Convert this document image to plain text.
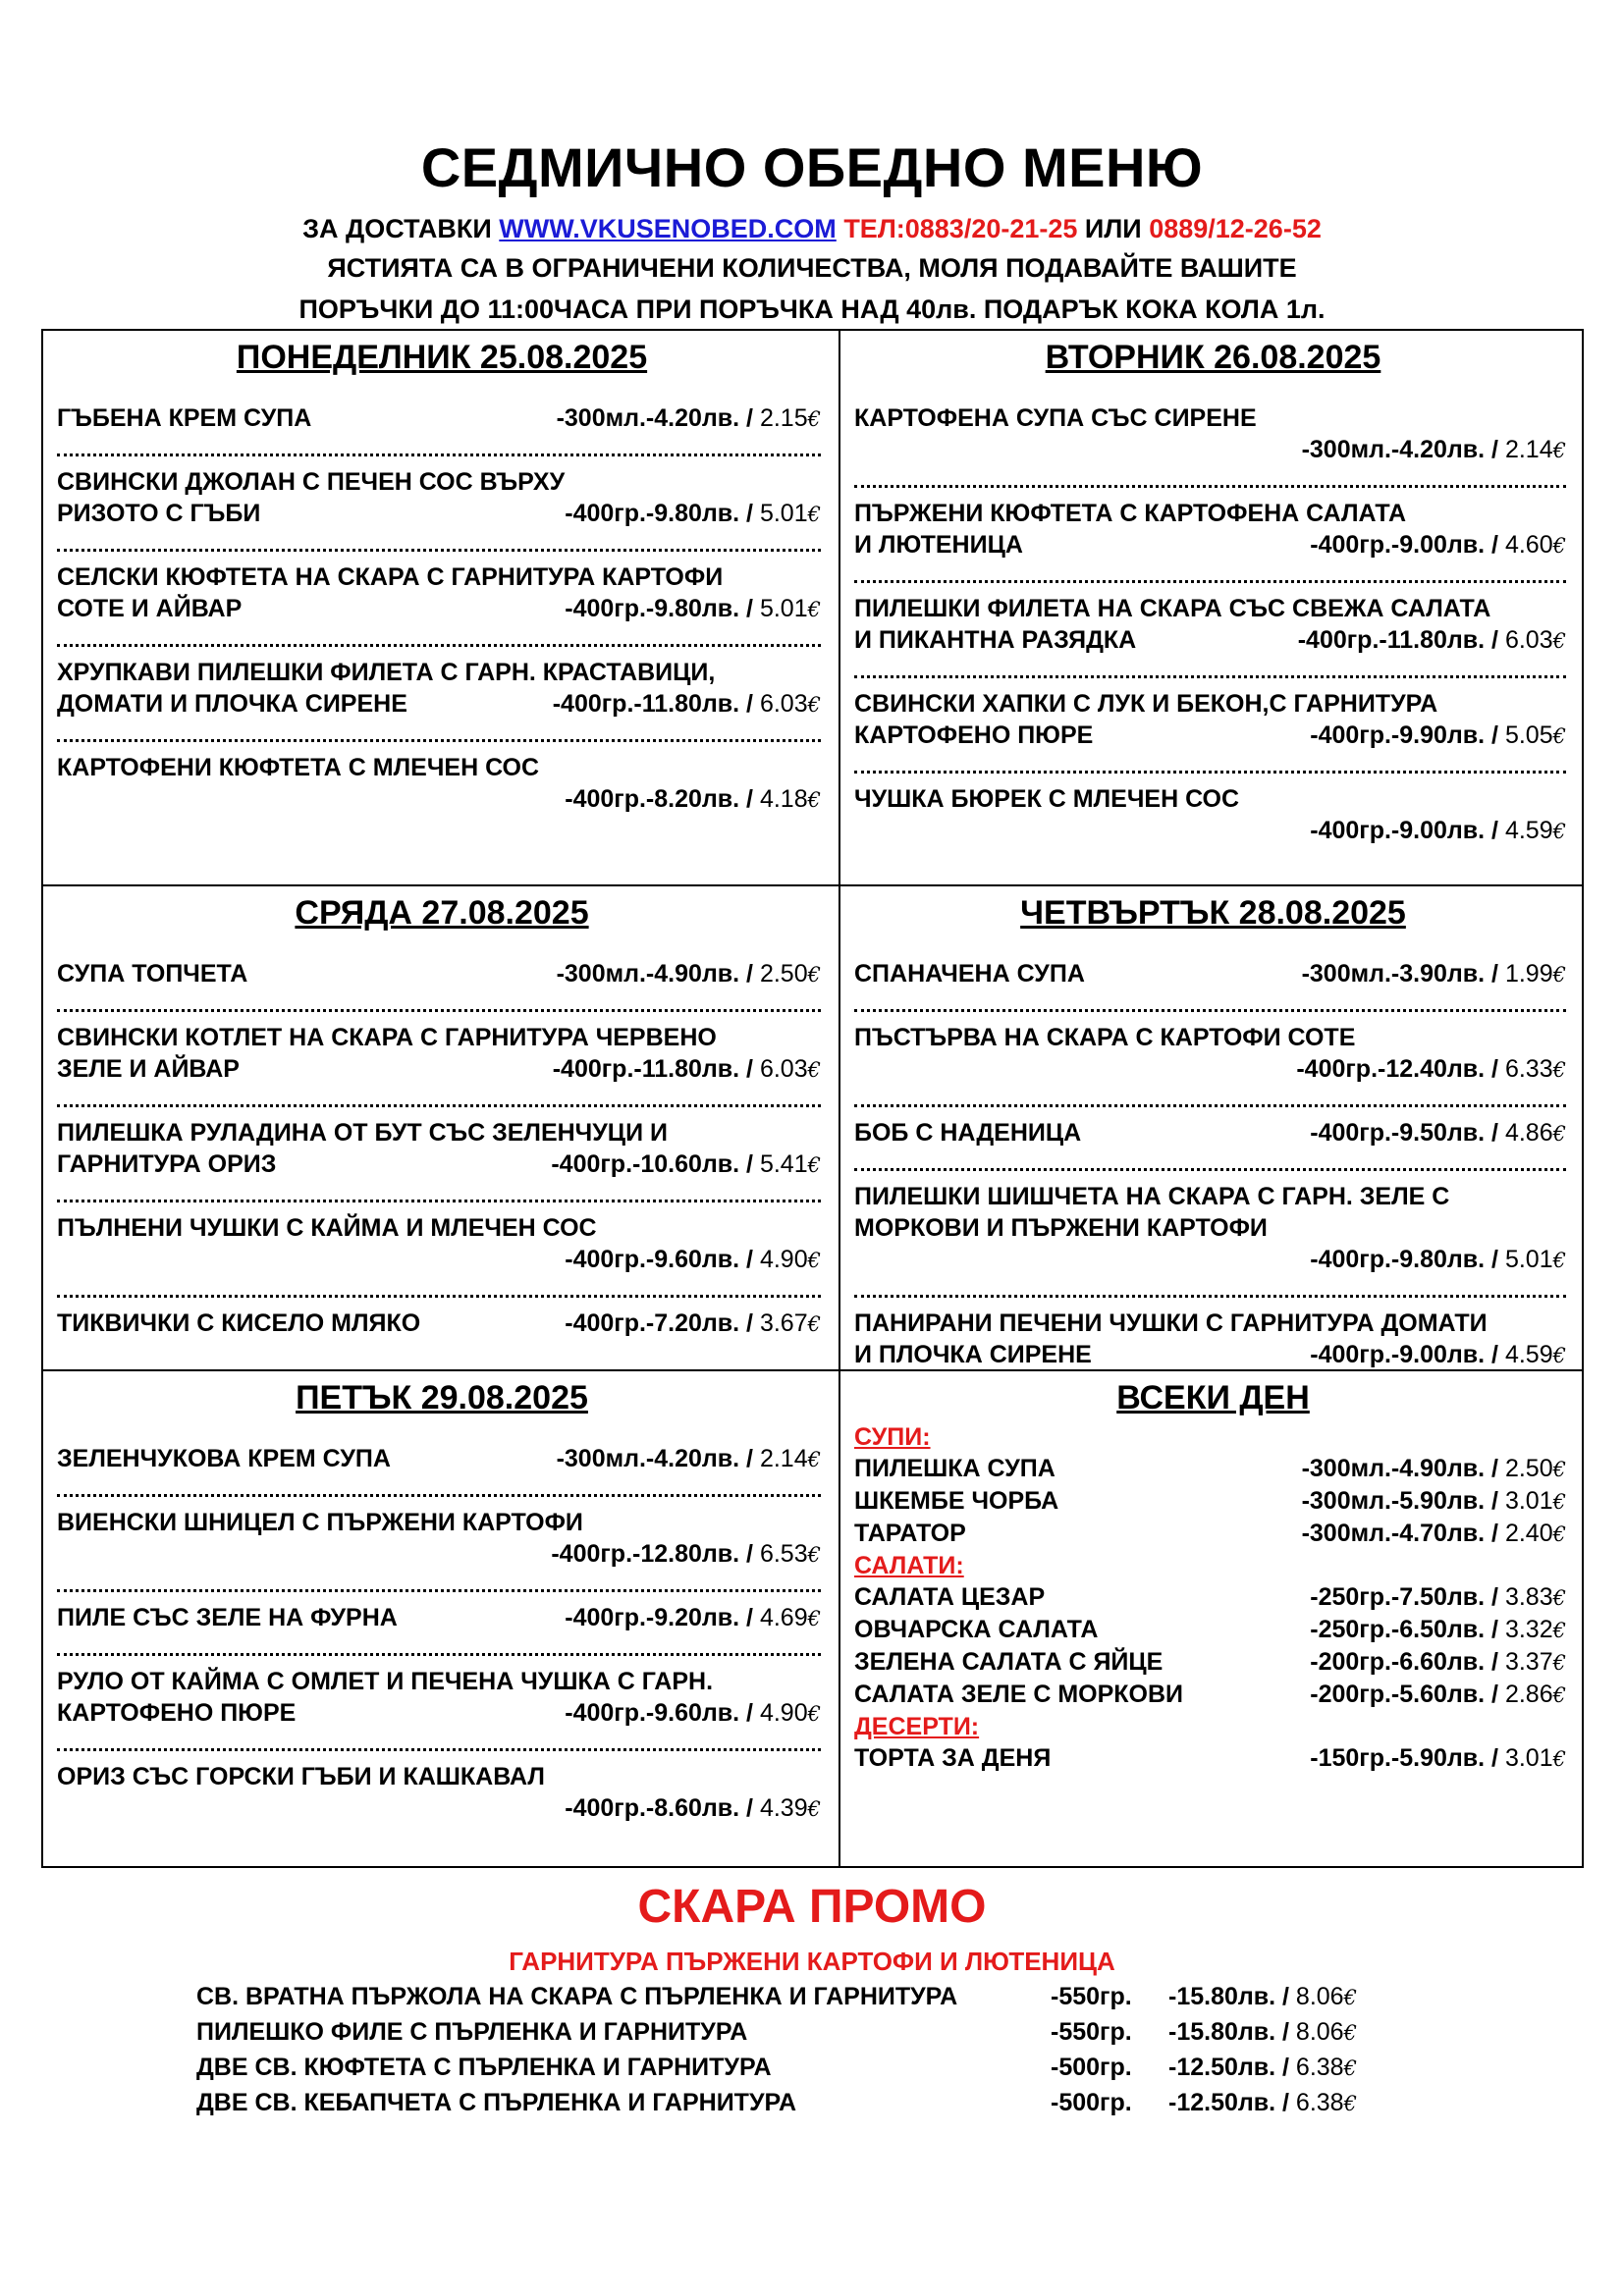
СЕДМИЧНО ОБЕДНО МЕНЮ
ЗА ДОСТАВКИ WWW.VKUSENOBED.COM ТЕЛ:0883/20-21-25 ИЛИ 0889/12-26-52
ЯСТИЯТА СА В ОГРАНИЧЕНИ КОЛИЧЕСТВА, МОЛЯ ПОДАВАЙТЕ ВАШИТЕ
ПОРЪЧКИ ДО 11:00ЧАСА ПРИ ПОРЪЧКА НАД 40лв. ПОДАРЪК КОКА КОЛА 1л.
ПОНЕДЕЛНИК 25.08.2025
ГЪБЕНА КРЕМ СУПА	-300мл.-4.20лв. / 2.15€
СВИНСКИ ДЖОЛАН С ПЕЧЕН СОС ВЪРХУ
РИЗОТО С ГЪБИ	-400гр.-9.80лв. / 5.01€
СЕЛСКИ КЮФТЕТА НА СКАРА С ГАРНИТУРА КАРТОФИ
СОТЕ И АЙВАР	-400гр.-9.80лв. / 5.01€
ХРУПКАВИ ПИЛЕШКИ ФИЛЕТА С ГАРН. КРАСТАВИЦИ,
ДОМАТИ И ПЛОЧКА СИРЕНЕ	-400гр.-11.80лв. / 6.03€
КАРТОФЕНИ КЮФТЕТА С МЛЕЧЕН СОС
-400гр.-8.20лв. / 4.18€
ВТОРНИК 26.08.2025
КАРТОФЕНА СУПА СЪС СИРЕНЕ
-300мл.-4.20лв. / 2.14€
ПЪРЖЕНИ КЮФТЕТА С КАРТОФЕНА САЛАТА
И ЛЮТЕНИЦА	-400гр.-9.00лв. / 4.60€
ПИЛЕШКИ ФИЛЕТА НА СКАРА СЪС СВЕЖА САЛАТА
И ПИКАНТНА РАЗЯДКА	-400гр.-11.80лв. / 6.03€
СВИНСКИ ХАПКИ С ЛУК И БЕКОН,С ГАРНИТУРА
КАРТОФЕНО ПЮРЕ	-400гр.-9.90лв. / 5.05€
ЧУШКА БЮРЕК С МЛЕЧЕН СОС
-400гр.-9.00лв. / 4.59€
СРЯДА 27.08.2025
СУПА ТОПЧЕТА	-300мл.-4.90лв. / 2.50€
СВИНСКИ КОТЛЕТ НА СКАРА С ГАРНИТУРА ЧЕРВЕНО
ЗЕЛЕ И АЙВАР	-400гр.-11.80лв. / 6.03€
ПИЛЕШКА РУЛАДИНА ОТ БУТ СЪС ЗЕЛЕНЧУЦИ И
ГАРНИТУРА ОРИЗ	-400гр.-10.60лв. / 5.41€
ПЪЛНЕНИ ЧУШКИ С КАЙМА И МЛЕЧЕН СОС
-400гр.-9.60лв. / 4.90€
ТИКВИЧКИ С КИСЕЛО МЛЯКО	-400гр.-7.20лв. / 3.67€
ЧЕТВЪРТЪК 28.08.2025
СПАНАЧЕНА СУПА	-300мл.-3.90лв. / 1.99€
ПЪСТЪРВА НА СКАРА С КАРТОФИ СОТЕ
-400гр.-12.40лв. / 6.33€
БОБ С НАДЕНИЦА	-400гр.-9.50лв. / 4.86€
ПИЛЕШКИ ШИШЧЕТА НА СКАРА С ГАРН. ЗЕЛЕ С
МОРКОВИ И ПЪРЖЕНИ КАРТОФИ
-400гр.-9.80лв. / 5.01€
ПАНИРАНИ ПЕЧЕНИ ЧУШКИ С ГАРНИТУРА ДОМАТИ
И ПЛОЧКА СИРЕНЕ	-400гр.-9.00лв. / 4.59€
ПЕТЪК 29.08.2025
ЗЕЛЕНЧУКОВА КРЕМ СУПА	-300мл.-4.20лв. / 2.14€
ВИЕНСКИ ШНИЦЕЛ С ПЪРЖЕНИ КАРТОФИ
-400гр.-12.80лв. / 6.53€
ПИЛЕ СЪС ЗЕЛЕ НА ФУРНА	-400гр.-9.20лв. / 4.69€
РУЛО ОТ КАЙМА С ОМЛЕТ И ПЕЧЕНА ЧУШКА С ГАРН.
КАРТОФЕНО ПЮРЕ	-400гр.-9.60лв. / 4.90€
ОРИЗ СЪС ГОРСКИ ГЪБИ И КАШКАВАЛ
-400гр.-8.60лв. / 4.39€
ВСЕКИ ДЕН
СУПИ:
ПИЛЕШКА СУПА	-300мл.-4.90лв. / 2.50€
ШКЕМБЕ ЧОРБА	-300мл.-5.90лв. / 3.01€
ТАРАТОР	-300мл.-4.70лв. / 2.40€
САЛАТИ:
САЛАТА ЦЕЗАР	-250гр.-7.50лв. / 3.83€
ОВЧАРСКА САЛАТА	-250гр.-6.50лв. / 3.32€
ЗЕЛЕНА САЛАТА С ЯЙЦЕ	-200гр.-6.60лв. / 3.37€
САЛАТА ЗЕЛЕ С МОРКОВИ	-200гр.-5.60лв. / 2.86€
ДЕСЕРТИ:
ТОРТА ЗА ДЕНЯ	-150гр.-5.90лв. / 3.01€
СКАРА ПРОМО
ГАРНИТУРА ПЪРЖЕНИ КАРТОФИ И ЛЮТЕНИЦА
СВ. ВРАТНА ПЪРЖОЛА НА СКАРА С ПЪРЛЕНКА И ГАРНИТУРА	-550гр.	-15.80лв. / 8.06€
ПИЛЕШКО ФИЛЕ С ПЪРЛЕНКА И ГАРНИТУРА	-550гр.	-15.80лв. / 8.06€
ДВЕ СВ. КЮФТЕТА С ПЪРЛЕНКА И ГАРНИТУРА	-500гр.	-12.50лв. / 6.38€
ДВЕ СВ. КЕБАПЧЕТА С ПЪРЛЕНКА И ГАРНИТУРА	-500гр.	-12.50лв. / 6.38€
